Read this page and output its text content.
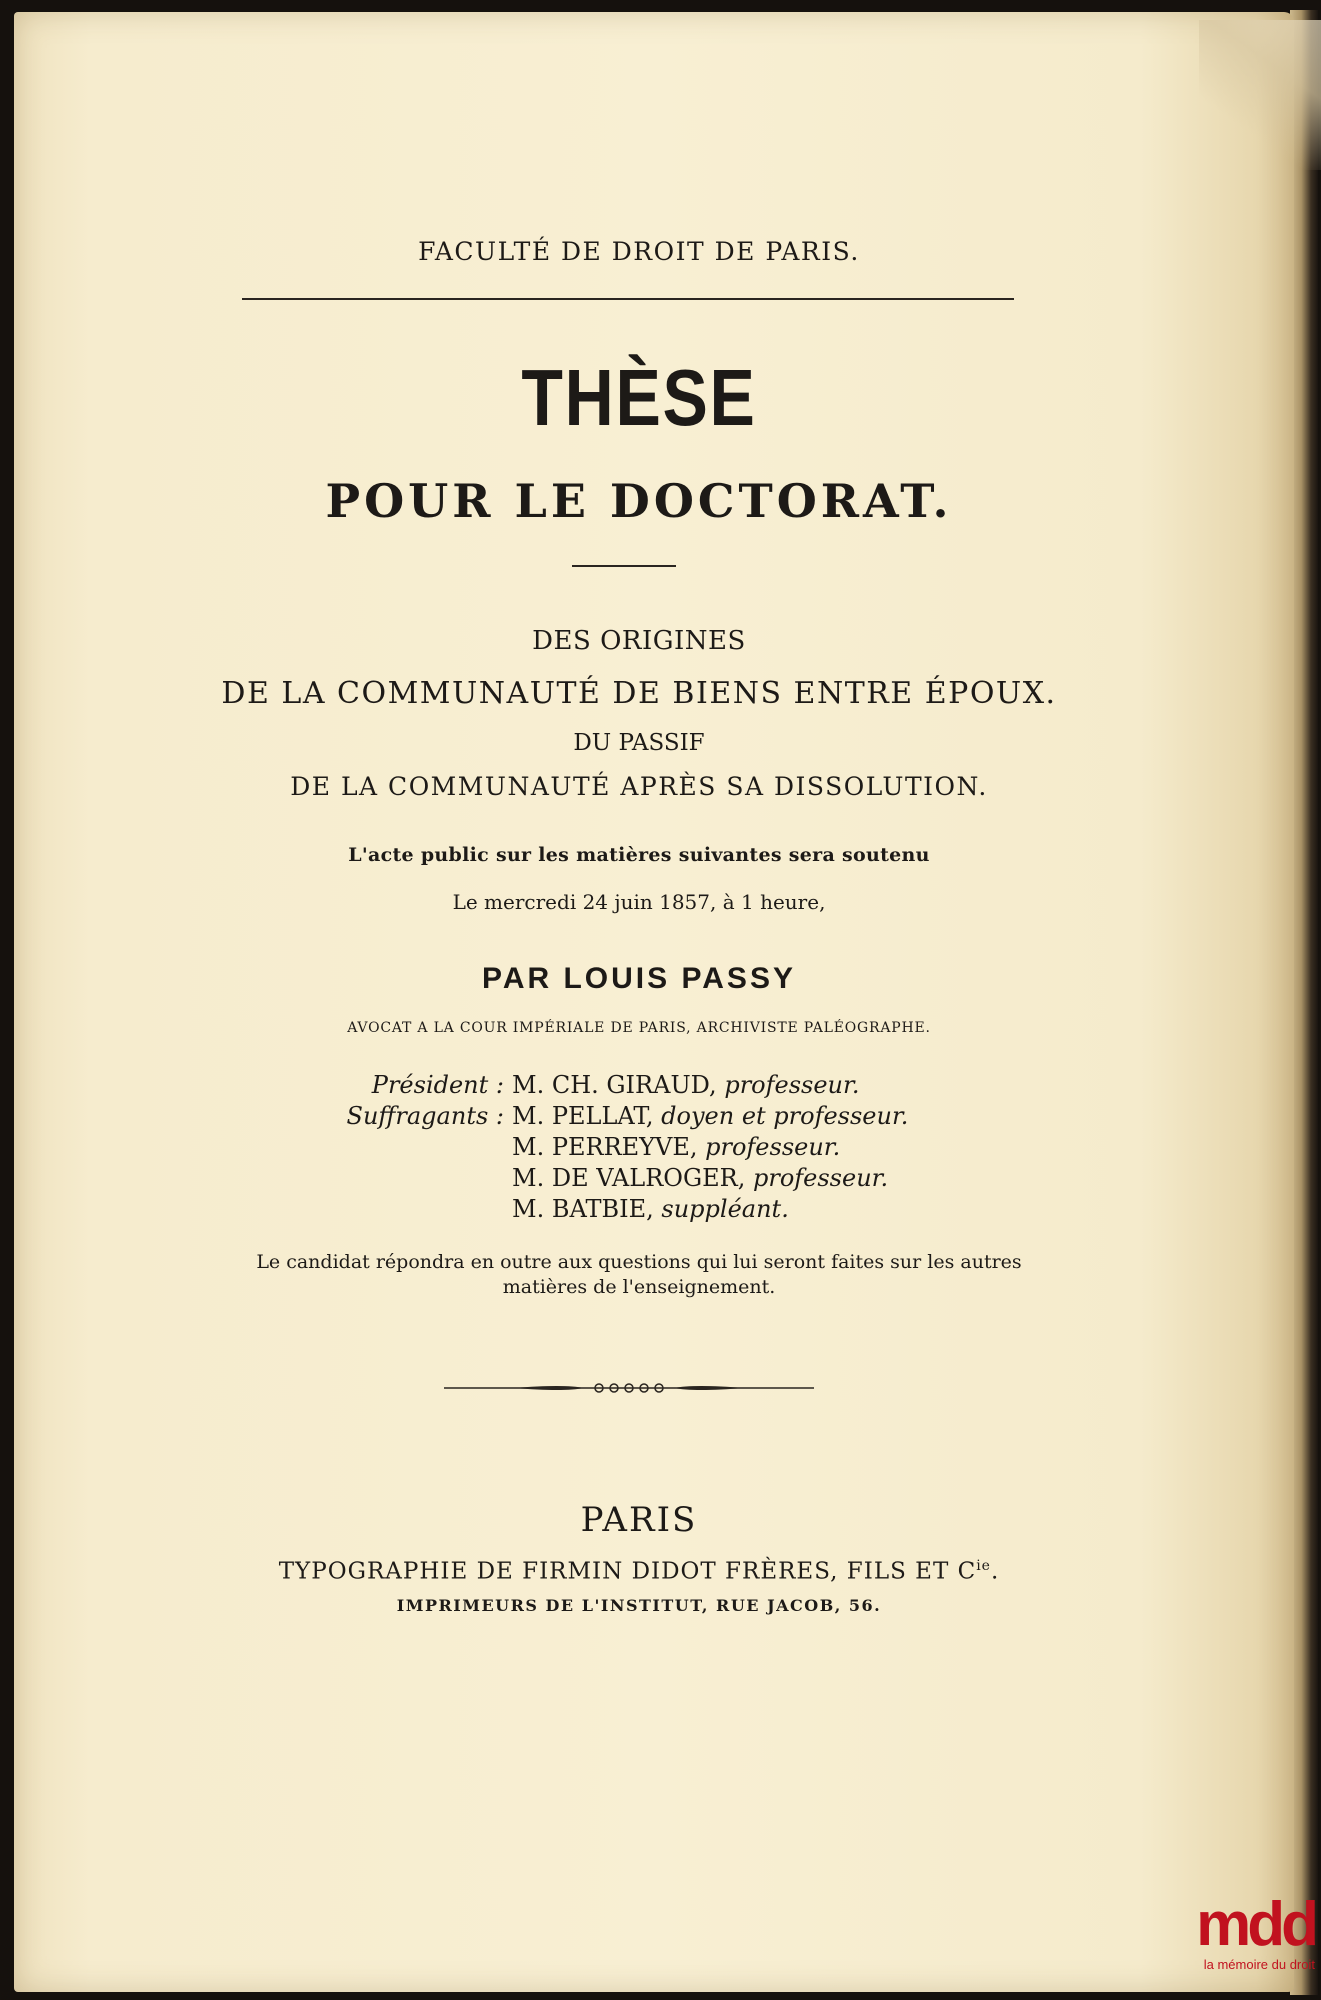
FACULTÉ DE DROIT DE PARIS.
THÈSE
POUR LE DOCTORAT.
DES ORIGINES
DE LA COMMUNAUTÉ DE BIENS ENTRE ÉPOUX.
DU PASSIF
DE LA COMMUNAUTÉ APRÈS SA DISSOLUTION.
L'acte public sur les matières suivantes sera soutenu
Le mercredi 24 juin 1857, à 1 heure,
PAR LOUIS PASSY
AVOCAT A LA COUR IMPÉRIALE DE PARIS, ARCHIVISTE PALÉOGRAPHE.
Président : M. CH. GIRAUD, professeur.
Suffragants : M. PELLAT, doyen et professeur.
M. PERREYVE, professeur.
M. DE VALROGER, professeur.
M. BATBIE, suppléant.
Le candidat répondra en outre aux questions qui lui seront faites sur les autres
matières de l'enseignement.
PARIS
TYPOGRAPHIE DE FIRMIN DIDOT FRÈRES, FILS ET $C^{ie}$.
IMPRIMEURS DE L'INSTITUT, RUE JACOB, 56.
mdd
la mémoire du droit
